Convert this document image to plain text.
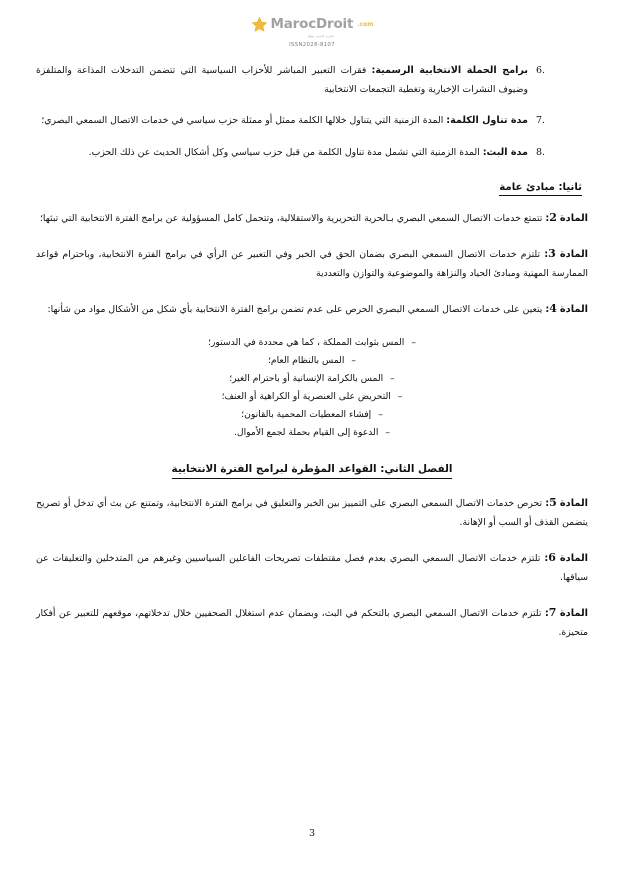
MarocDroit .com
مغربي قانوني موقع
ISSN2028-8107
6.
برامج الحملة الانتخابية الرسمية: فقرات التعبير المباشر للأحزاب السياسية التي تتضمن التدخلات المذاعة والمتلفزة وضيوف النشرات الإخبارية وتغطية التجمعات الانتخابية
7.
مدة تناول الكلمة: المدة الزمنية التي يتناول خلالها الكلمة ممثل أو ممثلة حزب سياسي في خدمات الاتصال السمعي البصري؛
8.
مدة البث: المدة الزمنية التي تشمل مدة تناول الكلمة من قبل حزب سياسي وكل أشكال الحديث عن ذلك الحزب.
ثانيا: مبادئ عامة
المادة 2: تتمتع خدمات الاتصال السمعي البصري بـالحرية التحريرية والاستقلالية، وتتحمل كامل المسؤولية عن برامج الفترة الانتخابية التي تبثها؛
المادة 3: تلتزم خدمات الاتصال السمعي البصري بضمان الحق في الخبر وفي التعبير عن الرأي في برامج الفترة الانتخابية، وباحترام قواعد الممارسة المهنية ومبادئ الحياد والنزاهة والموضوعية والتوازن والتعددية
المادة 4: يتعين على خدمات الاتصال السمعي البصري الحرص على عدم تضمن برامج الفترة الانتخابية بأي شكل من الأشكال مواد من شأنها:
–المس بثوابت المملكة ، كما هي محددة في الدستور؛
–المس بالنظام العام؛
–المس بالكرامة الإنسانية أو باحترام الغير؛
–التحريض على العنصرية أو الكراهية أو العنف؛
–إفشاء المعطيات المحمية بالقانون؛
–الدعوة إلى القيام بحملة لجمع الأموال.
الفصل الثاني: القواعد المؤطرة لبرامج الفترة الانتخابية
المادة 5: تحرص خدمات الاتصال السمعي البصري على التمييز بين الخبر والتعليق في برامج الفترة الانتخابية، وتمتنع عن بث أي تدخل أو تصريح يتضمن القذف أو السب أو الإهانة.
المادة 6: تلتزم خدمات الاتصال السمعي البصري بعدم فصل مقتطفات تصريحات الفاعلين السياسيين وغيرهم من المتدخلين والتعليقات عن سياقها.
المادة 7: تلتزم خدمات الاتصال السمعي البصري بالتحكم في البث، وبضمان عدم استغلال الصحفيين خلال تدخلاتهم، موقعهم للتعبير عن أفكار متحيزة.
3
